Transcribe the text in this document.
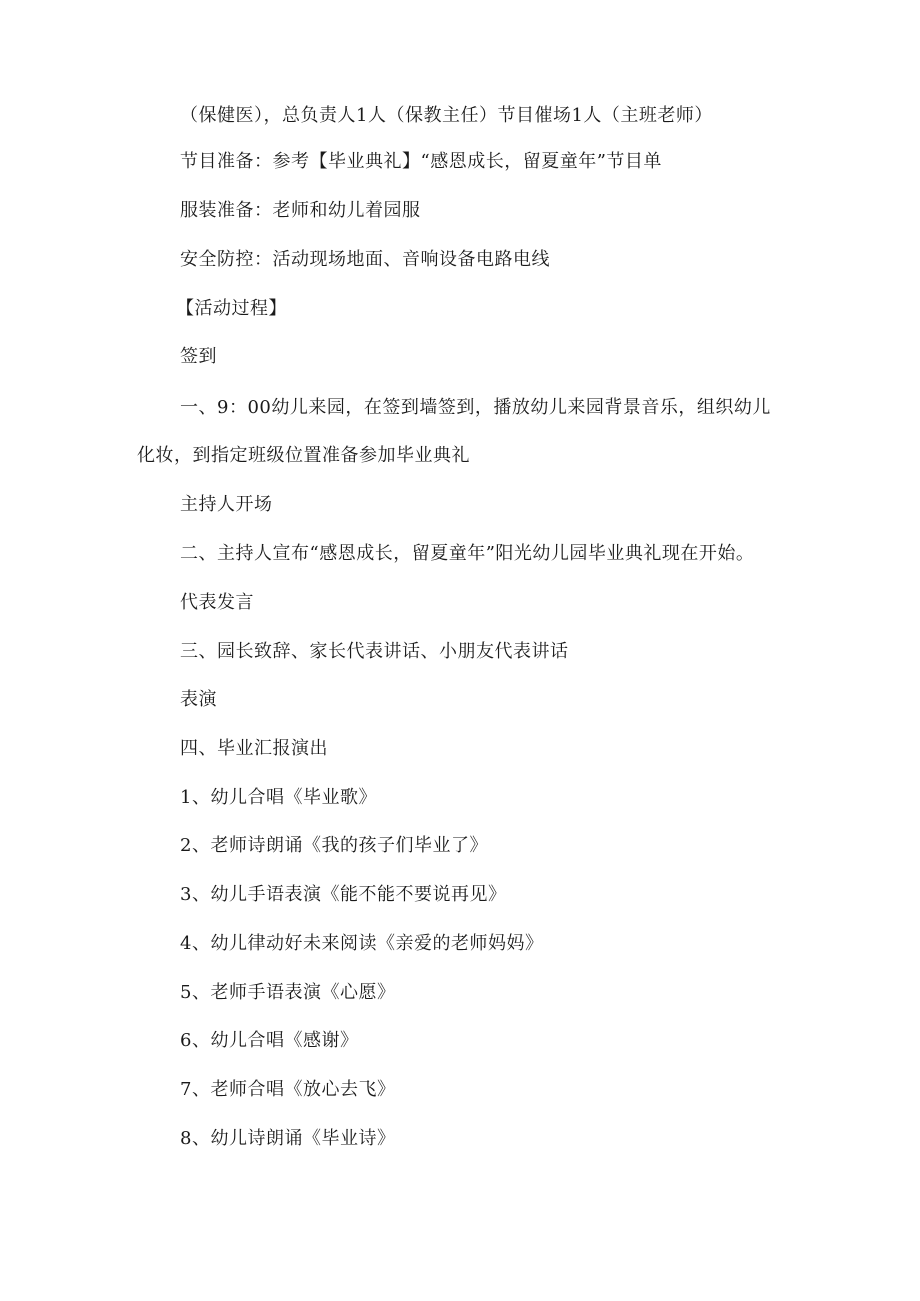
（保健医），总负责人1人（保教主任）节目催场1人（主班老师）
节目准备：参考【毕业典礼】“感恩成长，留夏童年”节目单
服装准备：老师和幼儿着园服
安全防控：活动现场地面、音响设备电路电线
【活动过程】
签到
一、9：00幼儿来园，在签到墙签到，播放幼儿来园背景音乐，组织幼儿
化妆，到指定班级位置准备参加毕业典礼
主持人开场
二、主持人宣布“感恩成长，留夏童年”阳光幼儿园毕业典礼现在开始。
代表发言
三、园长致辞、家长代表讲话、小朋友代表讲话
表演
四、毕业汇报演出
1、幼儿合唱《毕业歌》
2、老师诗朗诵《我的孩子们毕业了》
3、幼儿手语表演《能不能不要说再见》
4、幼儿律动好未来阅读《亲爱的老师妈妈》
5、老师手语表演《心愿》
6、幼儿合唱《感谢》
7、老师合唱《放心去飞》
8、幼儿诗朗诵《毕业诗》
